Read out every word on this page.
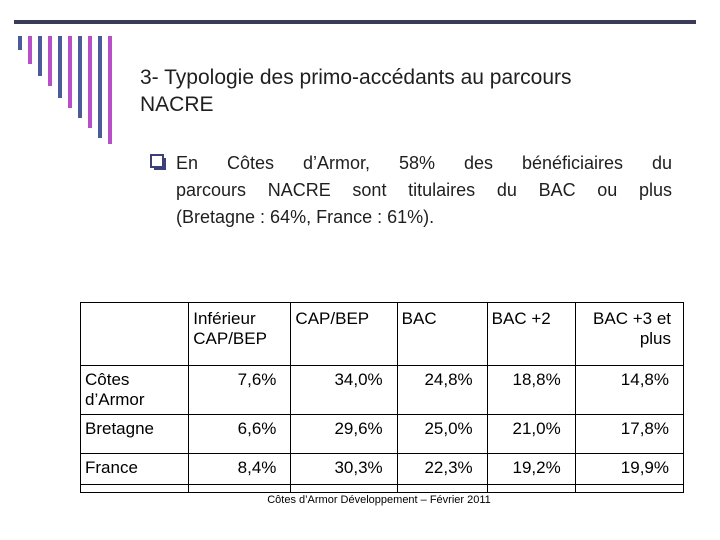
3- Typologie des primo-accédants au parcours
NACRE
En Côtes d’Armor, 58% des bénéficiaires du
parcours NACRE sont titulaires du BAC ou plus
(Bretagne : 64%, France : 61%).
	Inférieur CAP/BEP	CAP/BEP	BAC	BAC +2	BAC +3 et plus
Côtes d’Armor	7,6%	34,0%	24,8%	18,8%	14,8%
Bretagne	6,6%	29,6%	25,0%	21,0%	17,8%
France	8,4%	30,3%	22,3%	19,2%	19,9%
Côtes d’Armor Développement – Février 2011
